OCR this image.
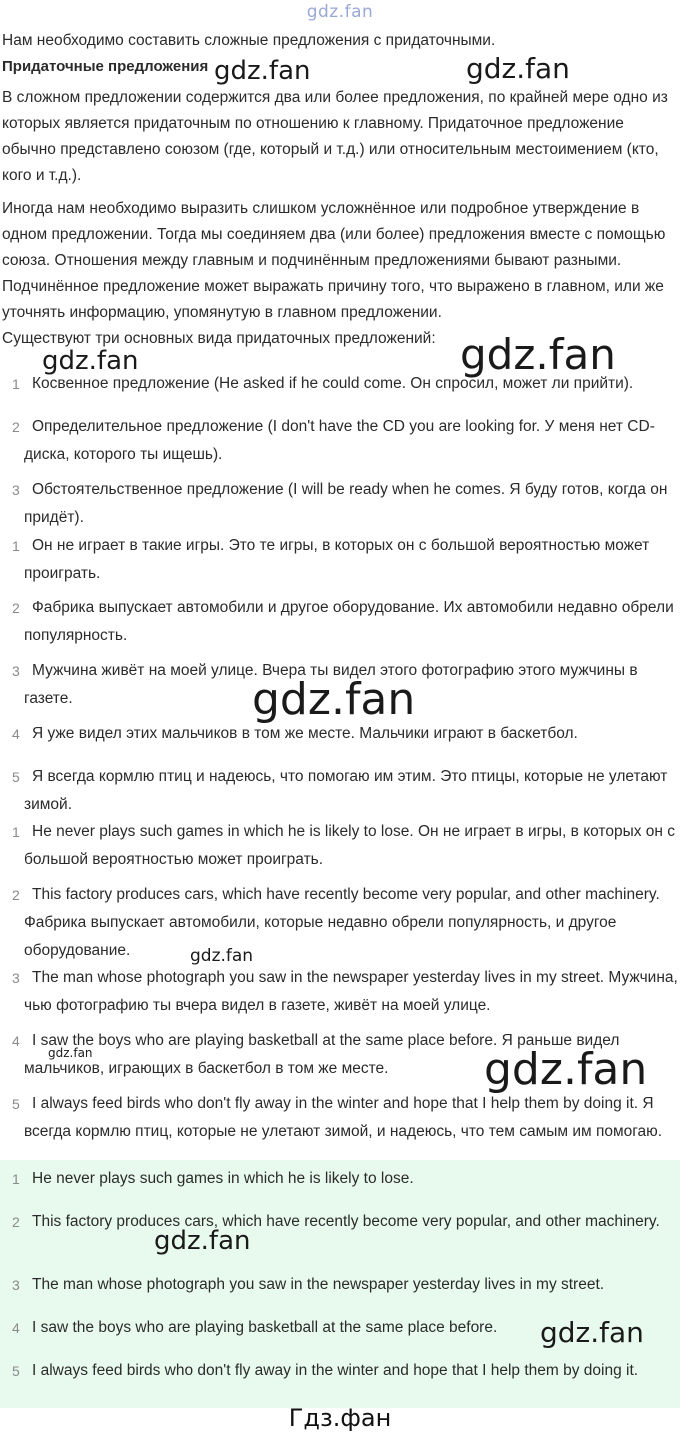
gdz.fan
Нам необходимо составить сложные предложения с придаточными.
Придаточные предложения
В сложном предложении содержится два или более предложения, по крайней мере одно из которых является придаточным по отношению к главному. Придаточное предложение обычно представлено союзом (где, который и т.д.) или относительным местоимением (кто, кого и т.д.).
Иногда нам необходимо выразить слишком усложнённое или подробное утверждение в одном предложении. Тогда мы соединяем два (или более) предложения вместе с помощью союза. Отношения между главным и подчинённым предложениями бывают разными. Подчинённое предложение может выражать причину того, что выражено в главном, или же уточнять информацию, упомянутую в главном предложении.
Существуют три основных вида придаточных предложений:
1 Косвенное предложение (He asked if he could come. Он спросил, может ли прийти).
2 Определительное предложение (I don't have the CD you are looking for. У меня нет CD-диска, которого ты ищешь).
3 Обстоятельственное предложение (I will be ready when he comes. Я буду готов, когда он придёт).
1 Он не играет в такие игры. Это те игры, в которых он с большой вероятностью может проиграть.
2 Фабрика выпускает автомобили и другое оборудование. Их автомобили недавно обрели популярность.
3 Мужчина живёт на моей улице. Вчера ты видел этого фотографию этого мужчины в газете.
4 Я уже видел этих мальчиков в том же месте. Мальчики играют в баскетбол.
5 Я всегда кормлю птиц и надеюсь, что помогаю им этим. Это птицы, которые не улетают зимой.
1 He never plays such games in which he is likely to lose. Он не играет в игры, в которых он с большой вероятностью может проиграть.
2 This factory produces cars, which have recently become very popular, and other machinery. Фабрика выпускает автомобили, которые недавно обрели популярность, и другое оборудование.
3 The man whose photograph you saw in the newspaper yesterday lives in my street. Мужчина, чью фотографию ты вчера видел в газете, живёт на моей улице.
4 I saw the boys who are playing basketball at the same place before. Я раньше видел мальчиков, играющих в баскетбол в том же месте.
5 I always feed birds who don't fly away in the winter and hope that I help them by doing it. Я всегда кормлю птиц, которые не улетают зимой, и надеюсь, что тем самым им помогаю.
1 He never plays such games in which he is likely to lose.
2 This factory produces cars, which have recently become very popular, and other machinery.
3 The man whose photograph you saw in the newspaper yesterday lives in my street.
4 I saw the boys who are playing basketball at the same place before.
5 I always feed birds who don't fly away in the winter and hope that I help them by doing it.
gdz.fan	gdz.fan
gdz.fan	gdz.fan
gdz.fan
gdz.fan
gdz.fan	gdz.fan
gdz.fan
gdz.fan
Гдз.фан
